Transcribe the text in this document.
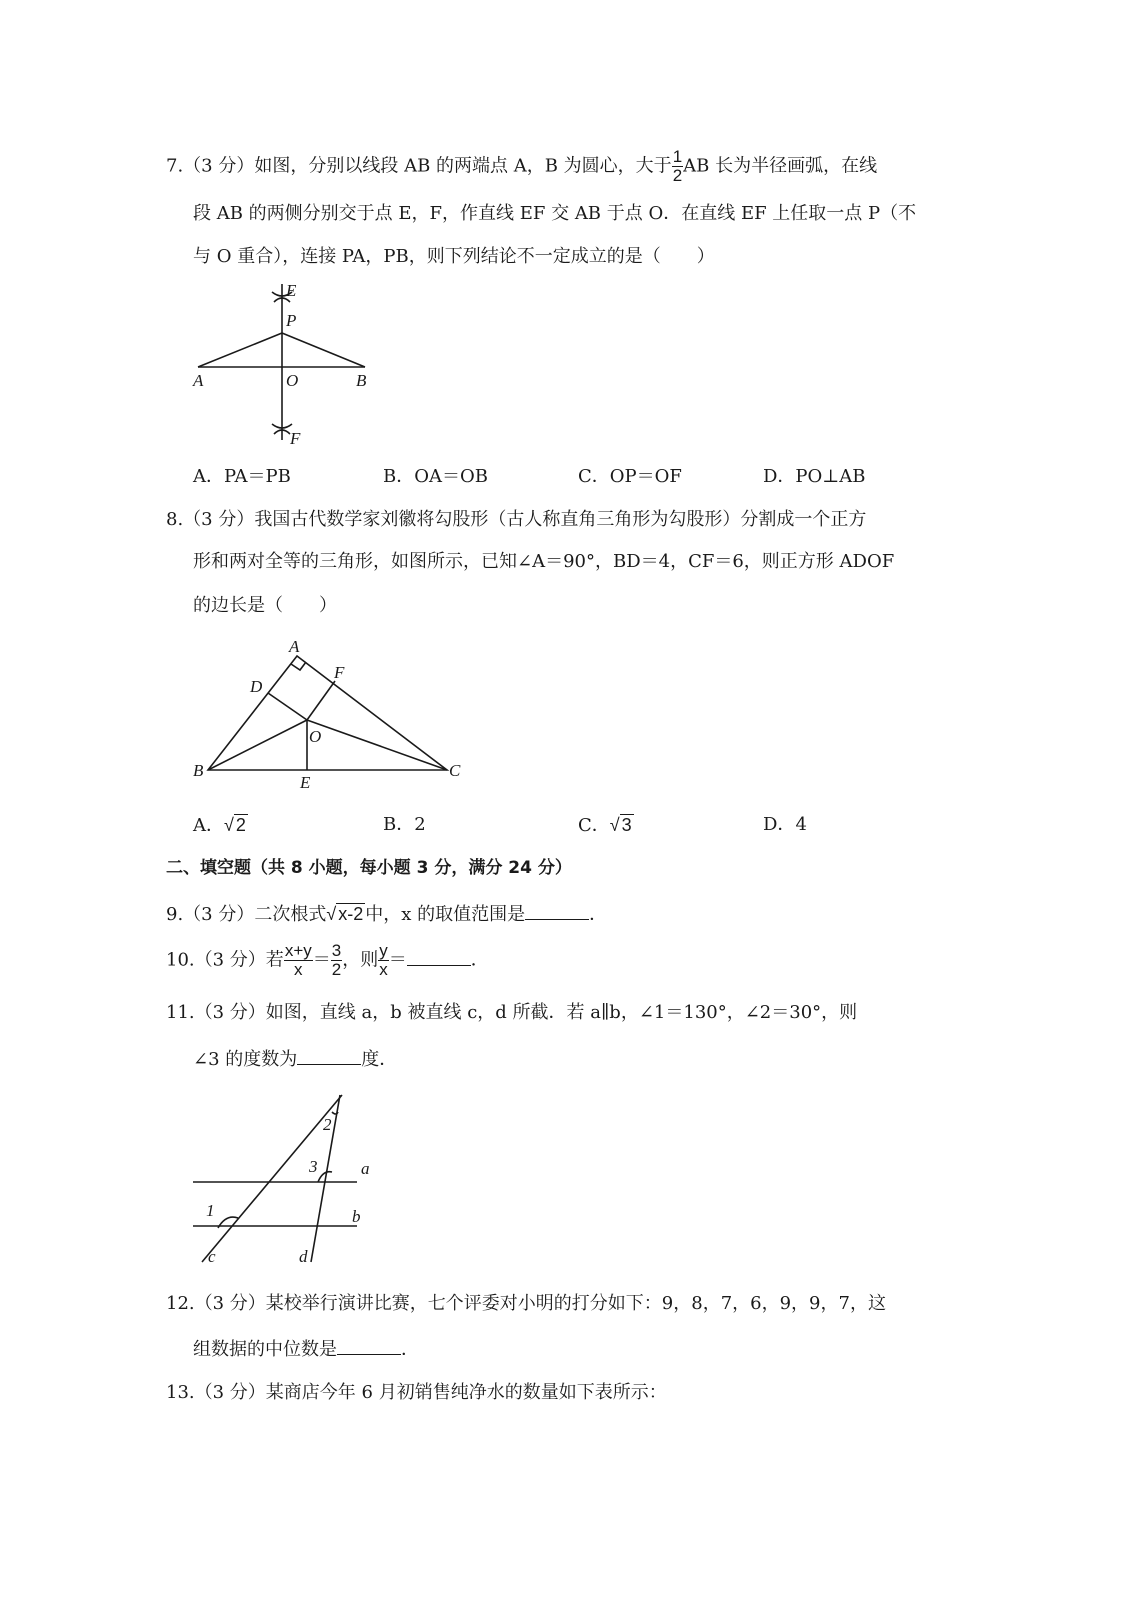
7.（3 分）如图，分别以线段 AB 的两端点 A，B 为圆心，大于 $\frac{1}{2}$ AB 长为半径画弧，在线
段 AB 的两侧分别交于点 E，F，作直线 EF 交 AB 于点 O．在直线 EF 上任取一点 P（不
与 O 重合），连接 PA，PB，则下列结论不一定成立的是（　　）
E
P
A	O	B
F
A
D
F
O
B
E
C
2
3	a
1	b
c	d
A．PA＝PB	B．OA＝OB	C．OP＝OF	D．PO⊥AB
8.（3 分）我国古代数学家刘徽将勾股形（古人称直角三角形为勾股形）分割成一个正方
形和两对全等的三角形，如图所示，已知∠A＝90°，BD＝4，CF＝6，则正方形 ADOF
的边长是（　　）
A．√ 2	B．2	C．√ 3	D．4
二、填空题（共 8 小题，每小题 3 分，满分 24 分）
9.（3 分）二次根式√ x-2 中，x 的取值范围是	．
10.（3 分）若 $\frac{x+y}{x} = \frac{3}{2}$ ，则 $\frac{y}{x}$ ＝	．
11.（3 分）如图，直线 a，b 被直线 c，d 所截．若 a∥b，∠1＝130°，∠2＝30°，则
∠3 的度数为	度．
12.（3 分）某校举行演讲比赛，七个评委对小明的打分如下：9，8，7，6，9，9，7，这
组数据的中位数是	．
13.（3 分）某商店今年 6 月初销售纯净水的数量如下表所示：
